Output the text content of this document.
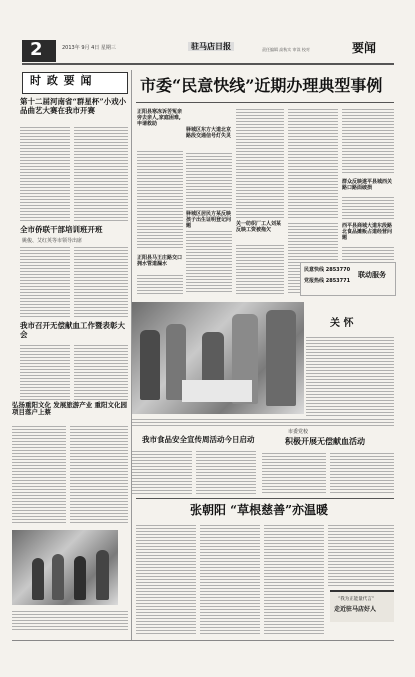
2	2013年 9月 4日 星期三	驻马店日报	责任编辑 高秋实 审读 校对	要闻
时 政 要 闻
第十二届河南省“群星杯”小戏小品曲艺大赛在我市开赛
全市侨联干部培训班开班
姚俊、艾红英等市领导出席
我市召开无偿献血工作暨表彰大会
弘扬重阳文化 发展旅游产业 重阳文化园项目落户上蔡
市委“民意快线”近期办理典型事例
正阳县寒冻诉苦冤亲旁去亲人,家庭困难,申请救助
驿城区东方大道北京路段交通信号灯失灵
驿城区居民方某反映孩子出生证明登记问题	关一纺织厂工人刘某反映工资被拖欠
正阳县马王庄路交口拥水管道漏水
群众反映遂平县城西关路口路面破损
西平县商城大道东段路北食品摊贩占道经营问题
民意快线 2853770
党报热线 2853771
联动服务
关 怀
我市食品安全宣传周活动今日启动
市委党校
积极开展无偿献血活动
张朝阳 “草根慈善”亦温暖
“我为正能量代言”
走近驻马店好人
